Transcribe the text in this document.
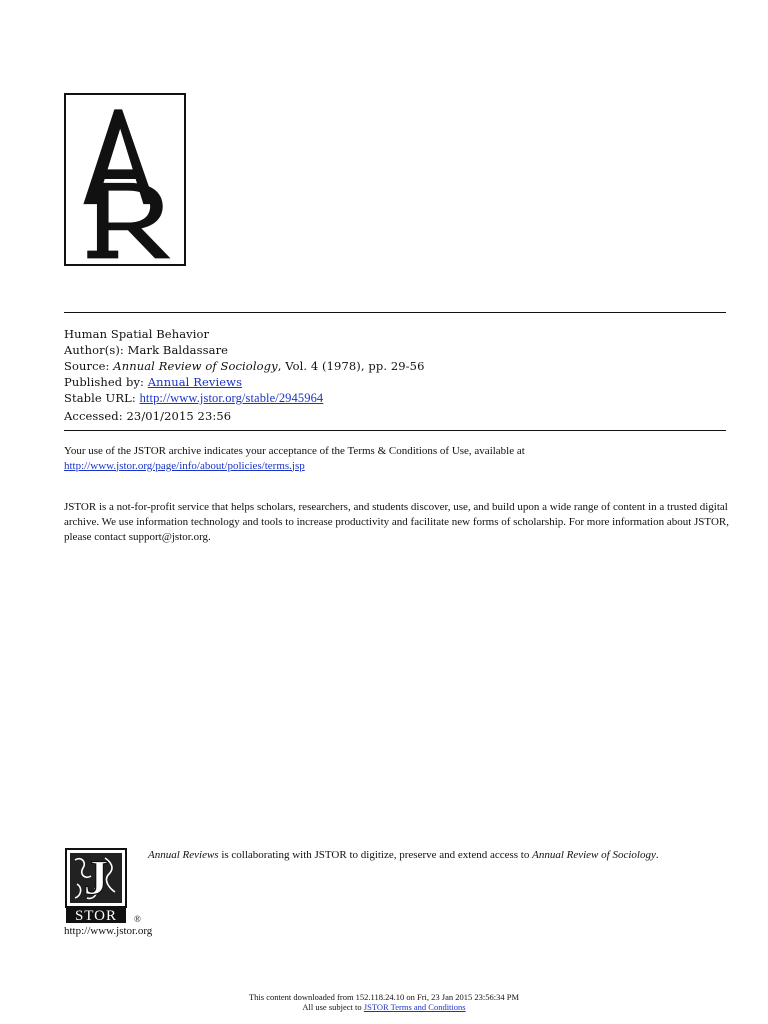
Human Spatial Behavior
Author(s): Mark Baldassare
Source: Annual Review of Sociology, Vol. 4 (1978), pp. 29-56
Published by: Annual Reviews
Stable URL: http://www.jstor.org/stable/2945964
Accessed: 23/01/2015 23:56
Your use of the JSTOR archive indicates your acceptance of the Terms & Conditions of Use, available at
http://www.jstor.org/page/info/about/policies/terms.jsp
JSTOR is a not-for-profit service that helps scholars, researchers, and students discover, use, and build upon a wide range of content in a trusted digital archive. We use information technology and tools to increase productivity and facilitate new forms of scholarship. For more information about JSTOR, please contact support@jstor.org.
J
STOR ®
Annual Reviews is collaborating with JSTOR to digitize, preserve and extend access to Annual Review of Sociology.
http://www.jstor.org
This content downloaded from 152.118.24.10 on Fri, 23 Jan 2015 23:56:34 PM
All use subject to JSTOR Terms and Conditions
